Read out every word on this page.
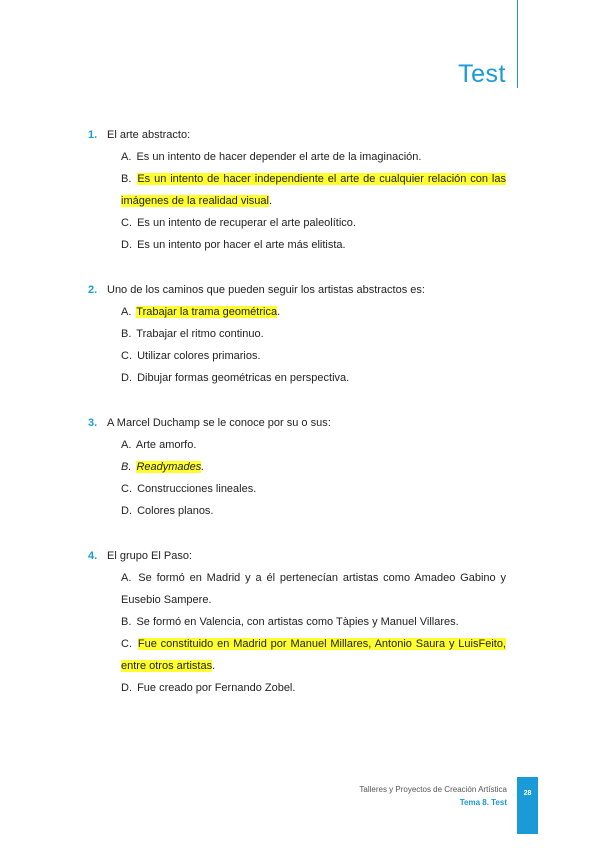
Test
1. El arte abstracto:
A. Es un intento de hacer depender el arte de la imaginación.
B. Es un intento de hacer independiente el arte de cualquier relación con las imágenes de la realidad visual.
C. Es un intento de recuperar el arte paleolítico.
D. Es un intento por hacer el arte más elitista.
2. Uno de los caminos que pueden seguir los artistas abstractos es:
A. Trabajar la trama geométrica.
B. Trabajar el ritmo continuo.
C. Utilizar colores primarios.
D. Dibujar formas geométricas en perspectiva.
3. A Marcel Duchamp se le conoce por su o sus:
A. Arte amorfo.
B. Readymades.
C. Construcciones lineales.
D. Colores planos.
4. El grupo El Paso:
A. Se formó en Madrid y a él pertenecían artistas como Amadeo Gabino y Eusebio Sampere.
B. Se formó en Valencia, con artistas como Tàpies y Manuel Villares.
C. Fue constituido en Madrid por Manuel Millares, Antonio Saura y LuisFeito, entre otros artistas.
D. Fue creado por Fernando Zobel.
Talleres y Proyectos de Creación Artística
Tema 8. Test
28
